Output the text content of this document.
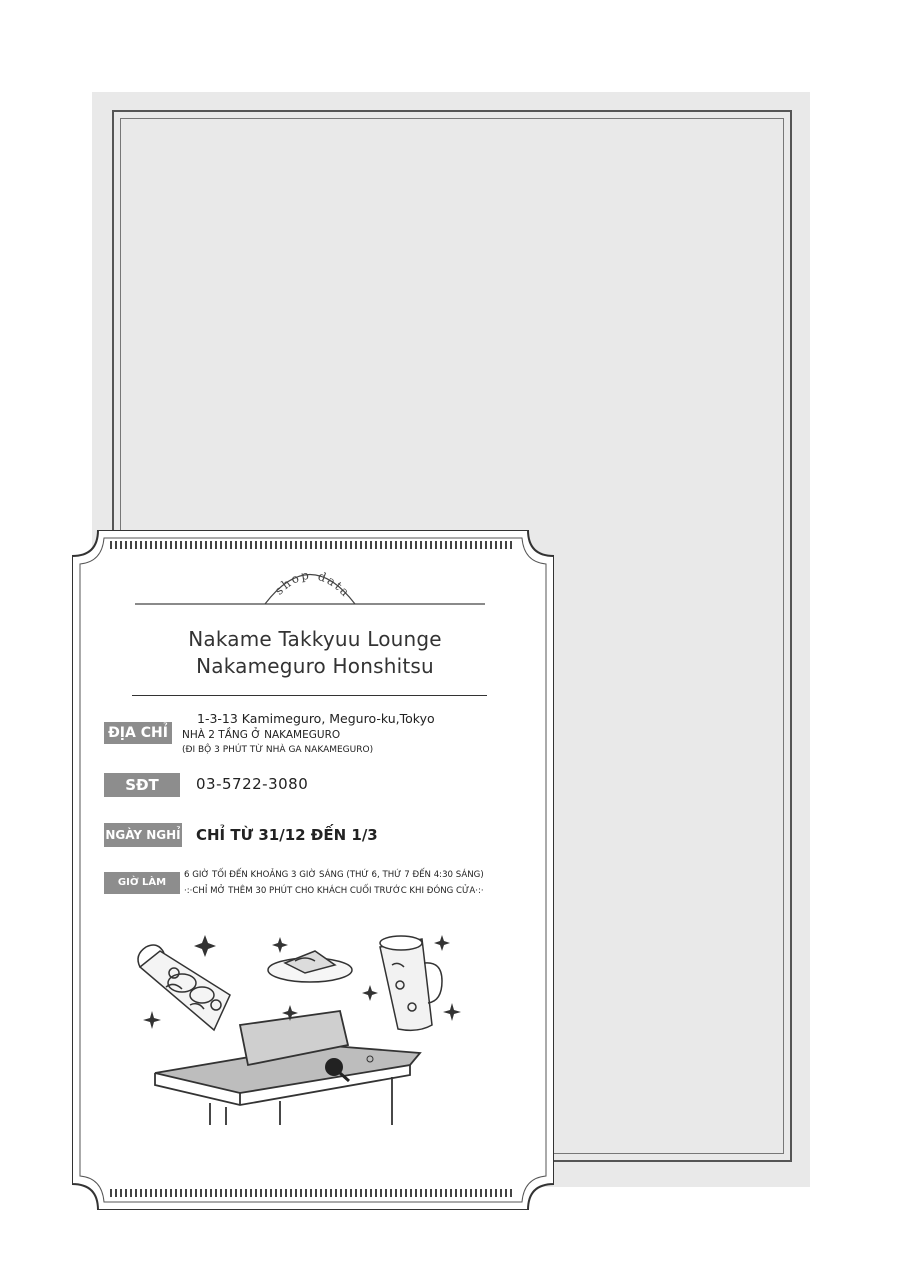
shop data
Nakame Takkyuu Lounge
Nakameguro Honshitsu
ĐỊA CHỈ
1-3-13 Kamimeguro, Meguro-ku,Tokyo
NHÀ 2 TẦNG Ở NAKAMEGURO
(ĐI BỘ 3 PHÚT TỪ NHÀ GA NAKAMEGURO)
SĐT	03-5722-3080
NGÀY NGHỈ CHỈ TỪ 31/12 ĐẾN 1/3
GIỜ LÀM VIỆC
6 GIỜ TỐI ĐẾN KHOẢNG 3 GIỜ SÁNG (THỨ 6, THỨ 7 ĐẾN 4:30 SÁNG)
·:·CHỈ MỞ THÊM 30 PHÚT CHO KHÁCH CUỐI TRƯỚC KHI ĐÓNG CỬA·:·
